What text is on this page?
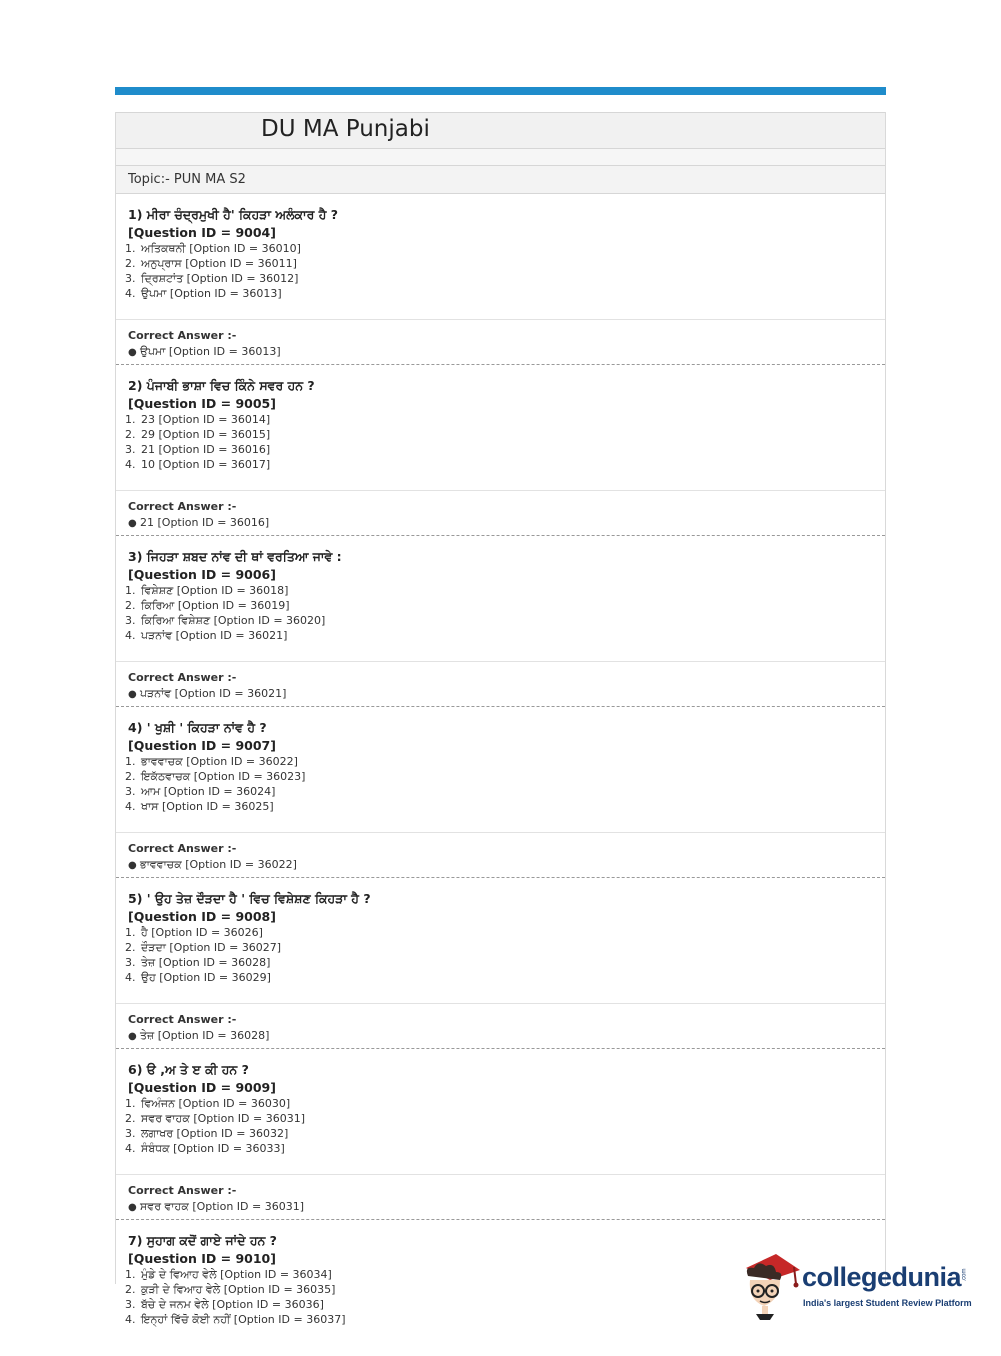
DU MA Punjabi
Topic:- PUN MA S2
1) ਮੀਰਾ ਚੰਦ੍ਰਮੁਖੀ ਹੈ' ਕਿਹੜਾ ਅਲੰਕਾਰ ਹੈ ?
[Question ID = 9004]
1. ਅਤਿਕਥਨੀ [Option ID = 36010]
2. ਅਨੁਪ੍ਰਾਸ [Option ID = 36011]
3. ਦ੍ਰਿਸ਼ਟਾਂਤ [Option ID = 36012]
4. ਉਪਮਾ [Option ID = 36013]
Correct Answer :-
● ਉਪਮਾ [Option ID = 36013]
2) ਪੰਜਾਬੀ ਭਾਸ਼ਾ ਵਿਚ ਕਿੰਨੇ ਸਵਰ ਹਨ ?
[Question ID = 9005]
1. 23 [Option ID = 36014]
2. 29 [Option ID = 36015]
3. 21 [Option ID = 36016]
4. 10 [Option ID = 36017]
Correct Answer :-
● 21 [Option ID = 36016]
3) ਜਿਹੜਾ ਸ਼ਬਦ ਨਾਂਵ ਦੀ ਥਾਂ ਵਰਤਿਆ ਜਾਵੇ :
[Question ID = 9006]
1. ਵਿਸ਼ੇਸ਼ਣ [Option ID = 36018]
2. ਕਿਰਿਆ [Option ID = 36019]
3. ਕਿਰਿਆ ਵਿਸ਼ੇਸ਼ਣ [Option ID = 36020]
4. ਪੜਨਾਂਵ [Option ID = 36021]
Correct Answer :-
● ਪੜਨਾਂਵ [Option ID = 36021]
4) ' ਖੁਸ਼ੀ ' ਕਿਹੜਾ ਨਾਂਵ ਹੈ ?
[Question ID = 9007]
1. ਭਾਵਵਾਚਕ [Option ID = 36022]
2. ਇਕੱਠਵਾਚਕ [Option ID = 36023]
3. ਆਮ [Option ID = 36024]
4. ਖਾਸ [Option ID = 36025]
Correct Answer :-
● ਭਾਵਵਾਚਕ [Option ID = 36022]
5) ' ਉਹ ਤੇਜ਼ ਦੌੜਦਾ ਹੈ ' ਵਿਚ ਵਿਸ਼ੇਸ਼ਣ ਕਿਹੜਾ ਹੈ ?
[Question ID = 9008]
1. ਹੈ [Option ID = 36026]
2. ਦੌੜਦਾ [Option ID = 36027]
3. ਤੇਜ਼ [Option ID = 36028]
4. ਉਹ [Option ID = 36029]
Correct Answer :-
● ਤੇਜ਼ [Option ID = 36028]
6) ੳ ,ਅ ਤੇ ੲ ਕੀ ਹਨ ?
[Question ID = 9009]
1. ਵਿਅੰਜਨ [Option ID = 36030]
2. ਸਵਰ ਵਾਹਕ [Option ID = 36031]
3. ਲਗਾਖਰ [Option ID = 36032]
4. ਸੰਬੰਧਕ [Option ID = 36033]
Correct Answer :-
● ਸਵਰ ਵਾਹਕ [Option ID = 36031]
7) ਸੁਹਾਗ ਕਦੋਂ ਗਾਏ ਜਾਂਦੇ ਹਨ ?
[Question ID = 9010]
1. ਮੁੰਡੇ ਦੇ ਵਿਆਹ ਵੇਲੇ [Option ID = 36034]
2. ਕੁੜੀ ਦੇ ਵਿਆਹ ਵੇਲੇ [Option ID = 36035]
3. ਬੱਚੇ ਦੇ ਜਨਮ ਵੇਲੇ [Option ID = 36036]
4. ਇਨ੍ਹਾਂ ਵਿੱਚੋ ਕੋਈ ਨਹੀਂ [Option ID = 36037]
collegedunia .com
India's largest Student Review Platform
